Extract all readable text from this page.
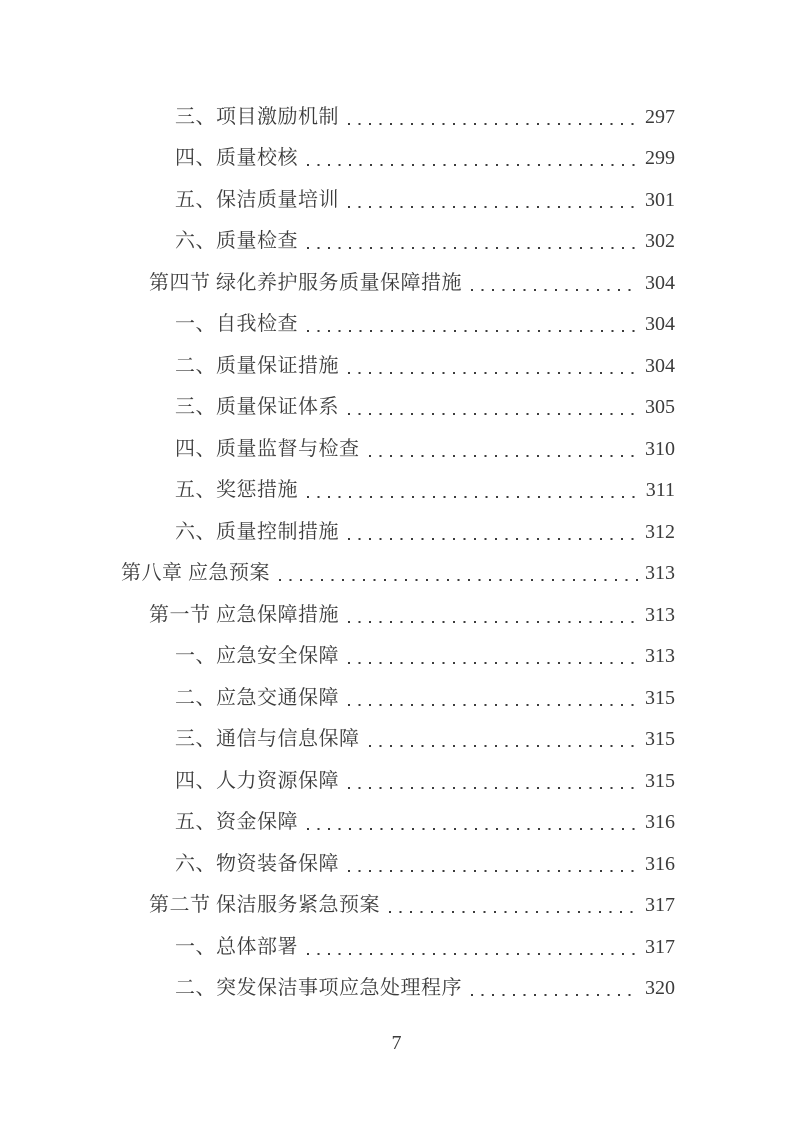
三、项目激励机制	297
四、质量校核	299
五、保洁质量培训	301
六、质量检查	302
第四节 绿化养护服务质量保障措施	304
一、自我检查	304
二、质量保证措施	304
三、质量保证体系	305
四、质量监督与检查	310
五、奖惩措施	311
六、质量控制措施	312
第八章 应急预案	313
第一节 应急保障措施	313
一、应急安全保障	313
二、应急交通保障	315
三、通信与信息保障	315
四、人力资源保障	315
五、资金保障	316
六、物资装备保障	316
第二节 保洁服务紧急预案	317
一、总体部署	317
二、突发保洁事项应急处理程序	320
7
